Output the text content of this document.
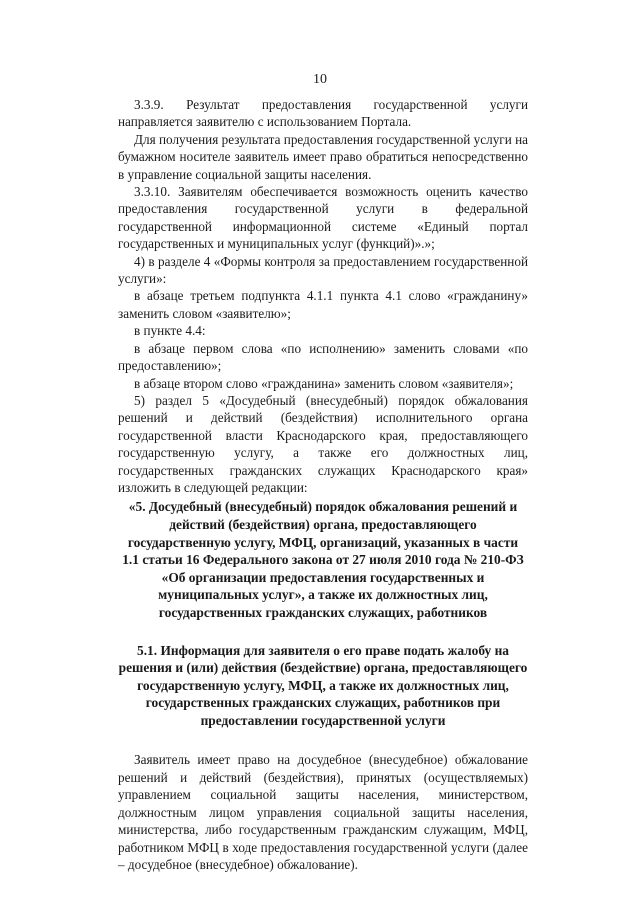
10

3.3.9. Результат предоставления государственной услуги направляется заявителю с использованием Портала.

Для получения результата предоставления государственной услуги на бумажном носителе заявитель имеет право обратиться непосредственно в управление социальной защиты населения.

3.3.10. Заявителям обеспечивается возможность оценить качество предоставления государственной услуги в федеральной государственной информационной системе «Единый портал государственных и муниципальных услуг (функций)».»;

4) в разделе 4 «Формы контроля за предоставлением государственной услуги»:

в абзаце третьем подпункта 4.1.1 пункта 4.1 слово «гражданину» заменить словом «заявителю»;

в пункте 4.4:

в абзаце первом слова «по исполнению» заменить словами «по предоставлению»;

в абзаце втором слово «гражданина» заменить словом «заявителя»;

5) раздел 5 «Досудебный (внесудебный) порядок обжалования решений и действий (бездействия) исполнительного органа государственной власти Краснодарского края, предоставляющего государственную услугу, а также его должностных лиц, государственных гражданских служащих Краснодарского края» изложить в следующей редакции:

«5. Досудебный (внесудебный) порядок обжалования решений и действий (бездействия) органа, предоставляющего государственную услугу, МФЦ, организаций, указанных в части 1.1 статьи 16 Федерального закона от 27 июля 2010 года № 210-ФЗ «Об организации предоставления государственных и муниципальных услуг», а также их должностных лиц, государственных гражданских служащих, работников

5.1. Информация для заявителя о его праве подать жалобу на решения и (или) действия (бездействие) органа, предоставляющего государственную услугу, МФЦ, а также их должностных лиц, государственных гражданских служащих, работников при предоставлении государственной услуги

Заявитель имеет право на досудебное (внесудебное) обжалование решений и действий (бездействия), принятых (осуществляемых) управлением социальной защиты населения, министерством, должностным лицом управления социальной защиты населения, министерства, либо государственным гражданским служащим, МФЦ, работником МФЦ в ходе предоставления государственной услуги (далее – досудебное (внесудебное) обжалование).
